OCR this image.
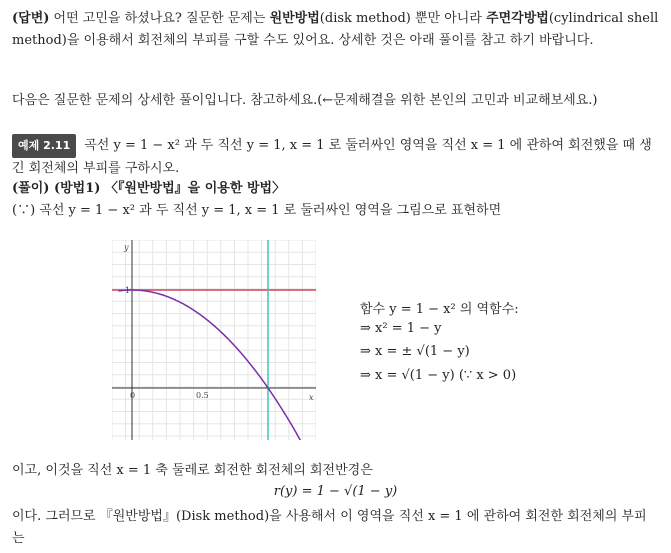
(답변) 어떤 고민을 하셨나요? 질문한 문제는 원반방법(disk method) 뿐만 아니라 주면각방법(cylindrical shell method)을 이용해서 회전체의 부피를 구할 수도 있어요. 상세한 것은 아래 풀이를 참고 하기 바랍니다.
다음은 질문한 문제의 상세한 풀이입니다. 참고하세요.(←문제해결을 위한 본인의 고민과 비교해보세요.)
예제 2.11 곡선 y = 1 − x² 과 두 직선 y = 1, x = 1 로 둘러싸인 영역을 직선 x = 1 에 관하여 회전했을 때 생긴 회전체의 부피를 구하시오.
(풀이) (방법1) 〈『원반방법』을 이용한 방법〉
(∵) 곡선 y = 1 − x² 과 두 직선 y = 1, x = 1 로 둘러싸인 영역을 그림으로 표현하면
y
x
0	0.5
1
함수 y = 1 − x² 의 역함수:
⇒ x² = 1 − y
⇒ x = ± √(1 − y)
⇒ x = √(1 − y) (∵ x > 0)
이고, 이것을 직선 x = 1 축 둘레로 회전한 회전체의 회전반경은
r(y) = 1 − √(1 − y)
이다. 그러므로 『원반방법』(Disk method)을 사용해서 이 영역을 직선 x = 1 에 관하여 회전한 회전체의 부피는
